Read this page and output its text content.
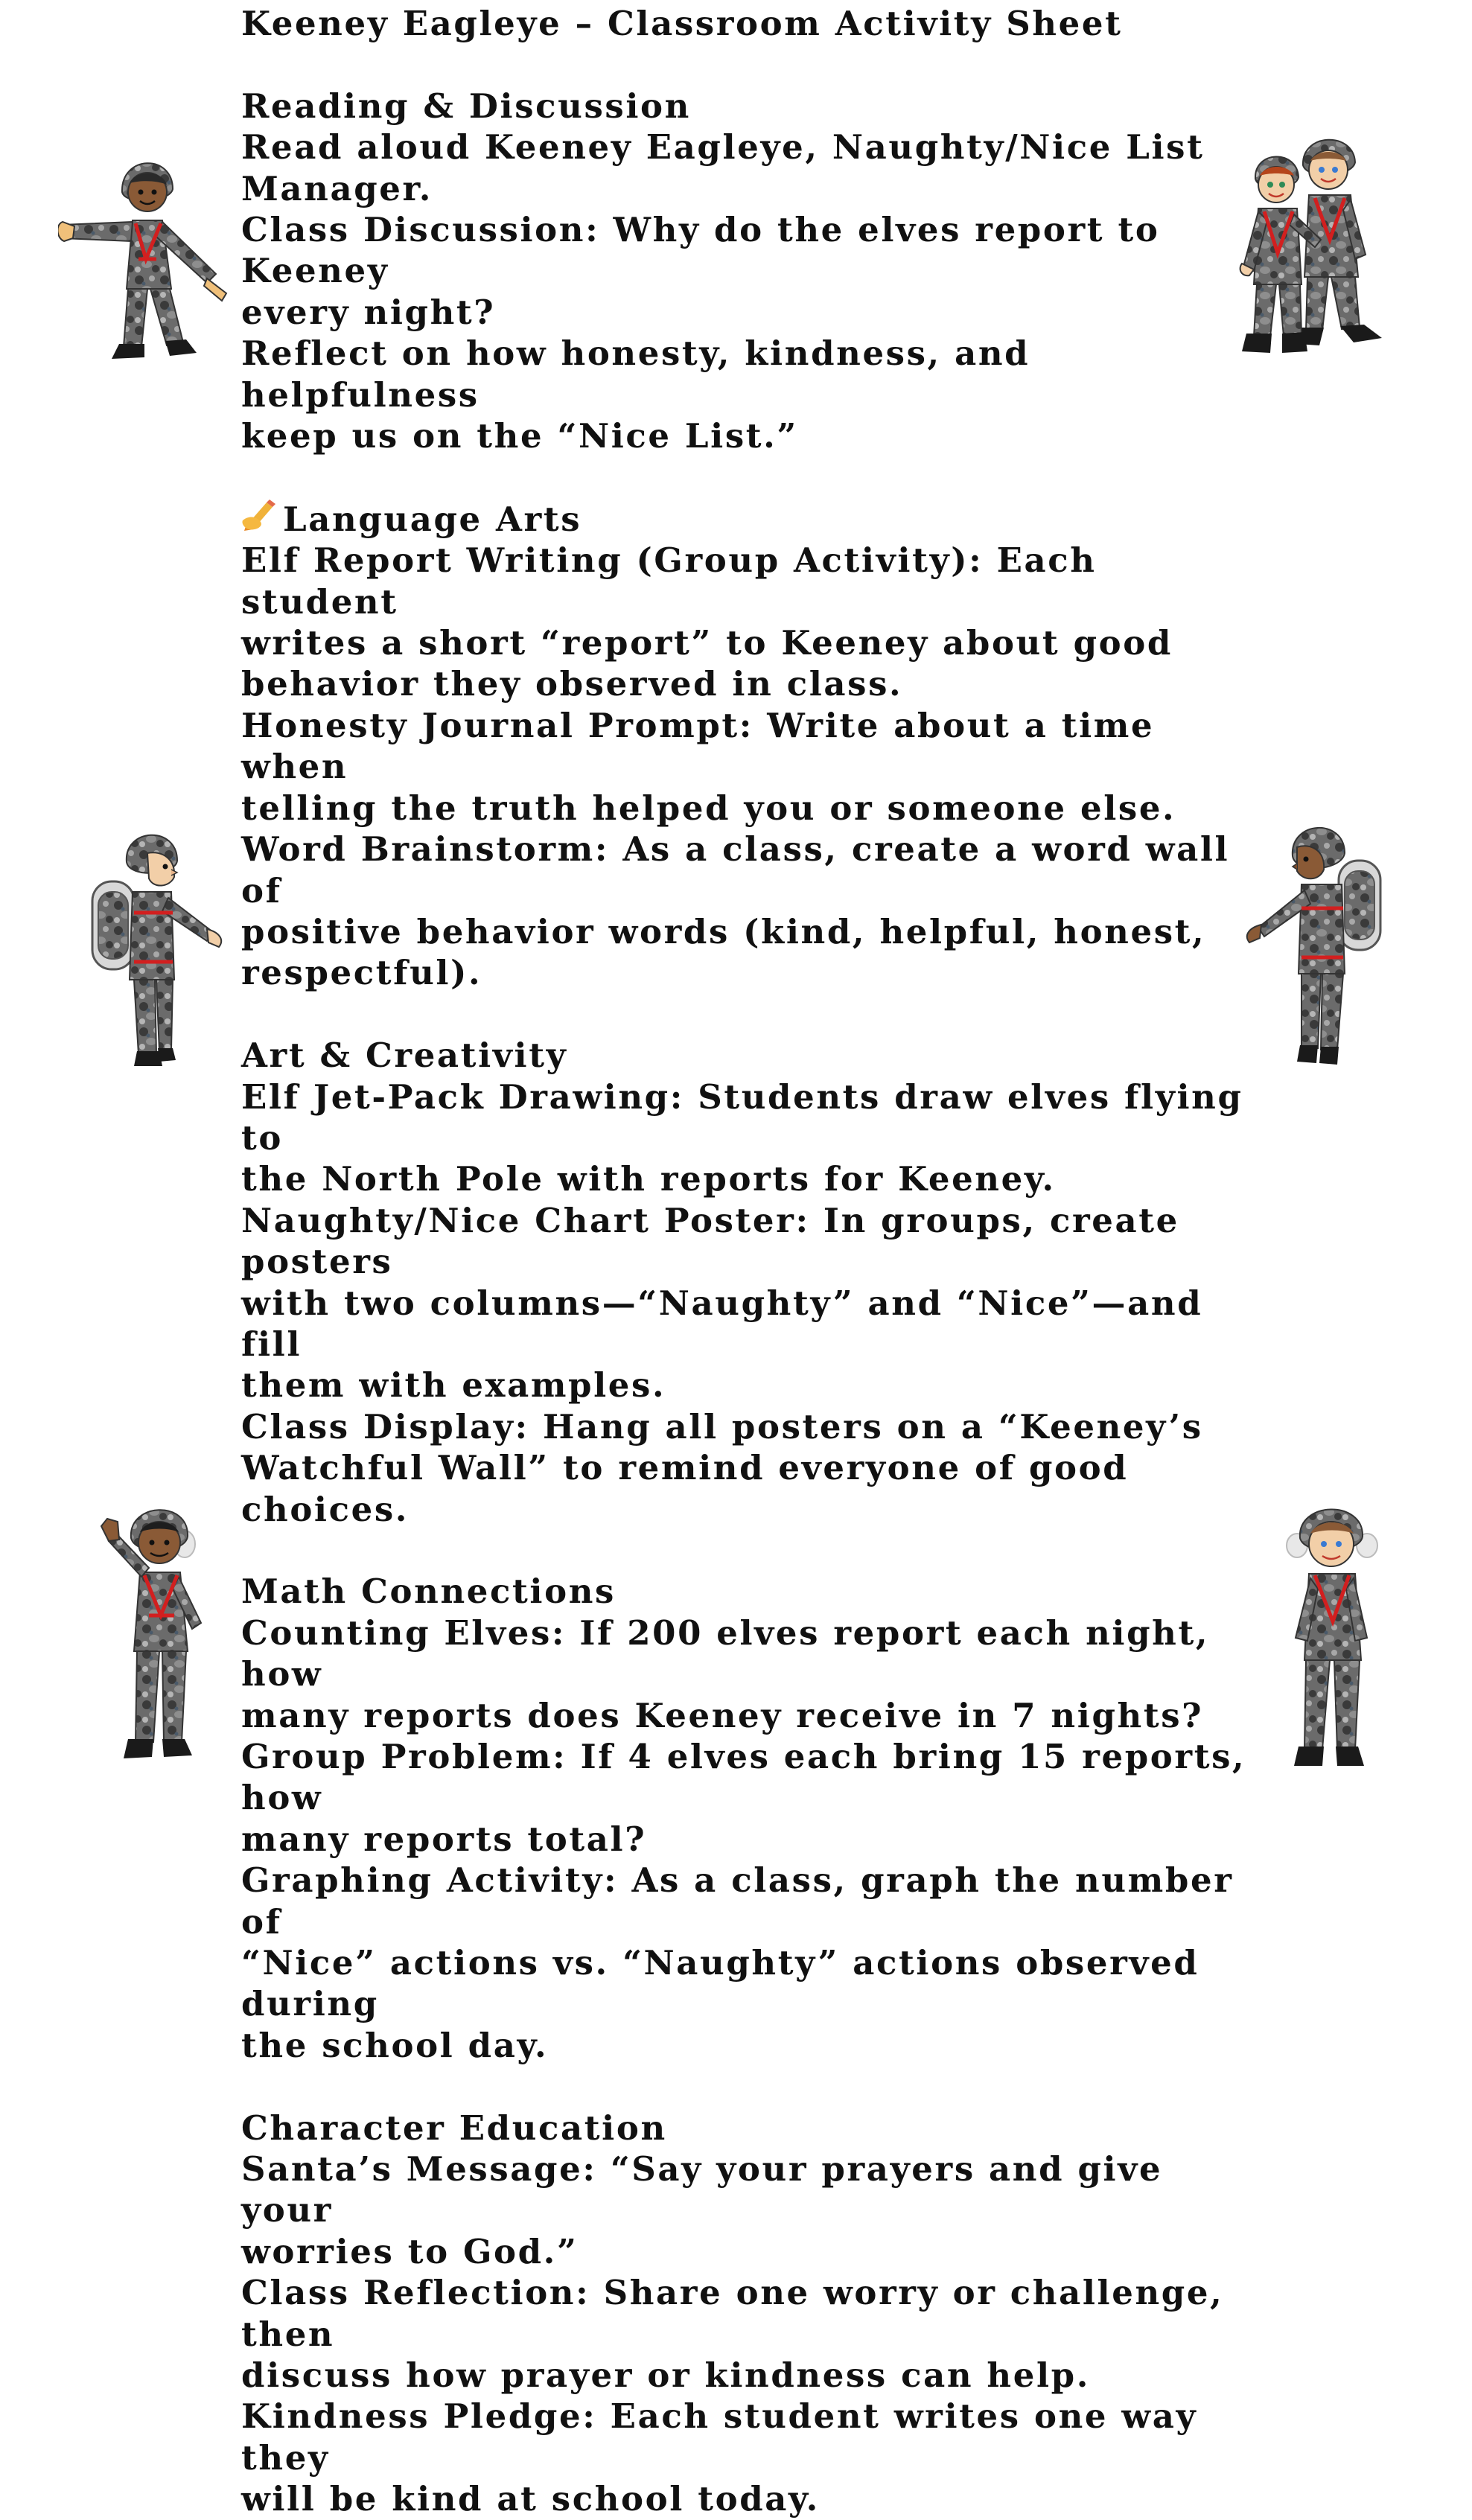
Keeney Eagleye – Classroom Activity Sheet

Reading & Discussion

Read aloud Keeney Eagleye, Naughty/Nice List

Manager.

Class Discussion: Why do the elves report to Keeney

every night?

Reflect on how honesty, kindness, and helpfulness

keep us on the “Nice List.”

Language Arts

Elf Report Writing (Group Activity): Each student

writes a short “report” to Keeney about good

behavior they observed in class.

Honesty Journal Prompt: Write about a time when

telling the truth helped you or someone else.

Word Brainstorm: As a class, create a word wall of

positive behavior words (kind, helpful, honest,

respectful).

Art & Creativity

Elf Jet-Pack Drawing: Students draw elves flying to

the North Pole with reports for Keeney.

Naughty/Nice Chart Poster: In groups, create posters

with two columns—“Naughty” and “Nice”—and fill

them with examples.

Class Display: Hang all posters on a “Keeney’s

Watchful Wall” to remind everyone of good choices.

Math Connections

Counting Elves: If 200 elves report each night, how

many reports does Keeney receive in 7 nights?

Group Problem: If 4 elves each bring 15 reports, how

many reports total?

Graphing Activity: As a class, graph the number of

“Nice” actions vs. “Naughty” actions observed during

the school day.

Character Education

Santa’s Message: “Say your prayers and give your

worries to God.”

Class Reflection: Share one worry or challenge, then

discuss how prayer or kindness can help.

Kindness Pledge: Each student writes one way they

will be kind at school today.
